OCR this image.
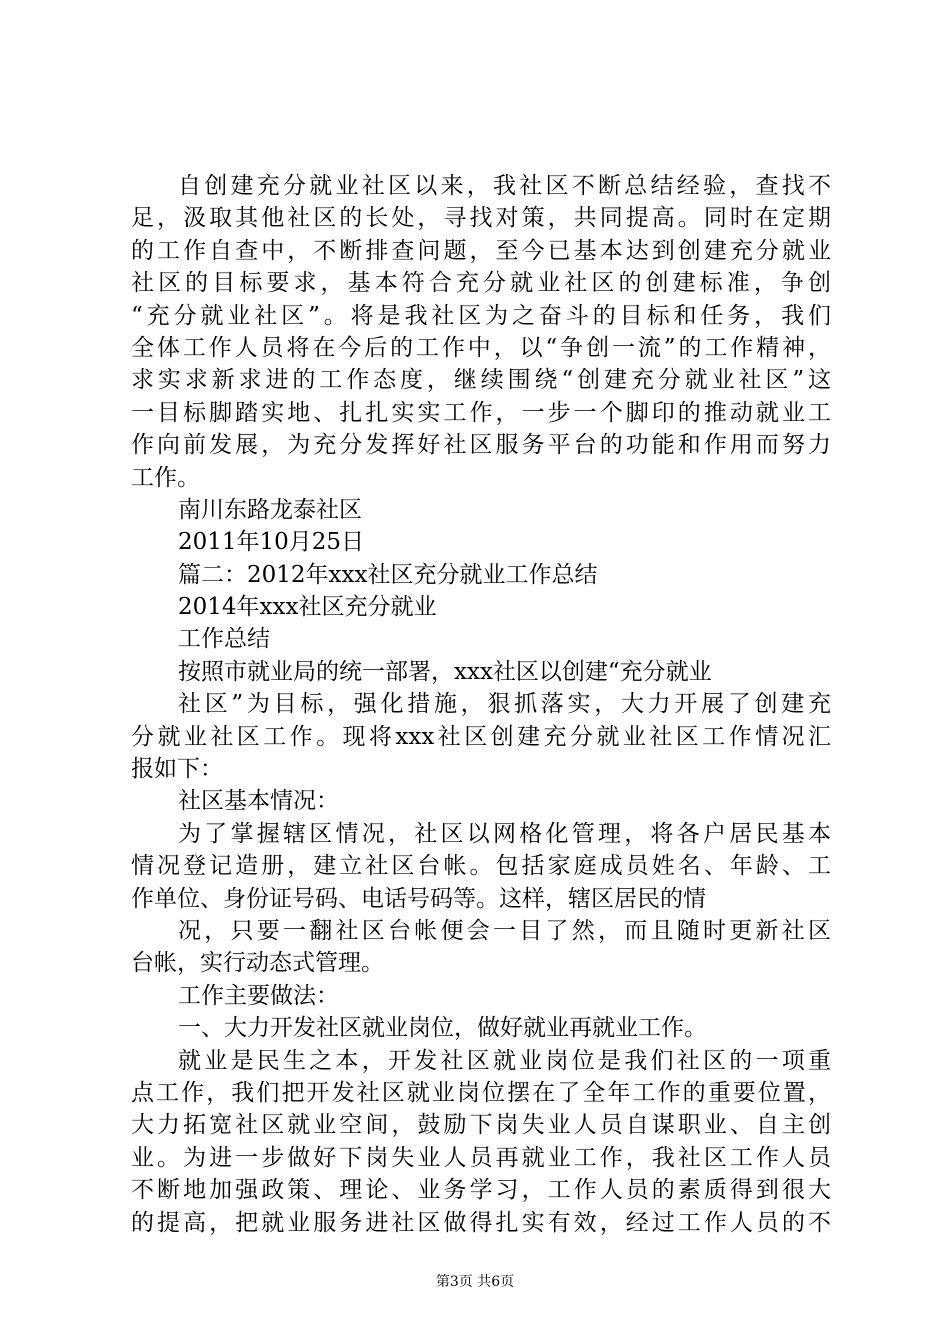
自创建充分就业社区以来，我社区不断总结经验，查找不
足，汲取其他社区的长处，寻找对策，共同提高。同时在定期
的工作自查中，不断排查问题，至今已基本达到创建充分就业
社区的目标要求，基本符合充分就业社区的创建标准，争创
“充分就业社区”。将是我社区为之奋斗的目标和任务，我们
全体工作人员将在今后的工作中，以“争创一流”的工作精神，
求实求新求进的工作态度，继续围绕“创建充分就业社区”这
一目标脚踏实地、扎扎实实工作，一步一个脚印的推动就业工
作向前发展，为充分发挥好社区服务平台的功能和作用而努力
工作。
南川东路龙泰社区
2011年10月25日
篇二：2012年xxx社区充分就业工作总结
2014年xxx社区充分就业
工作总结
按照市就业局的统一部署，xxx社区以创建“充分就业
社区”为目标，强化措施，狠抓落实，大力开展了创建充
分就业社区工作。现将xxx社区创建充分就业社区工作情况汇
报如下：
社区基本情况：
为了掌握辖区情况，社区以网格化管理，将各户居民基本
情况登记造册，建立社区台帐。包括家庭成员姓名、年龄、工
作单位、身份证号码、电话号码等。这样，辖区居民的情
况，只要一翻社区台帐便会一目了然，而且随时更新社区
台帐，实行动态式管理。
工作主要做法：
一、大力开发社区就业岗位，做好就业再就业工作。
就业是民生之本，开发社区就业岗位是我们社区的一项重
点工作，我们把开发社区就业岗位摆在了全年工作的重要位置，
大力拓宽社区就业空间，鼓励下岗失业人员自谋职业、自主创
业。为进一步做好下岗失业人员再就业工作，我社区工作人员
不断地加强政策、理论、业务学习，工作人员的素质得到很大
的提高，把就业服务进社区做得扎实有效，经过工作人员的不
第3页 共6页
